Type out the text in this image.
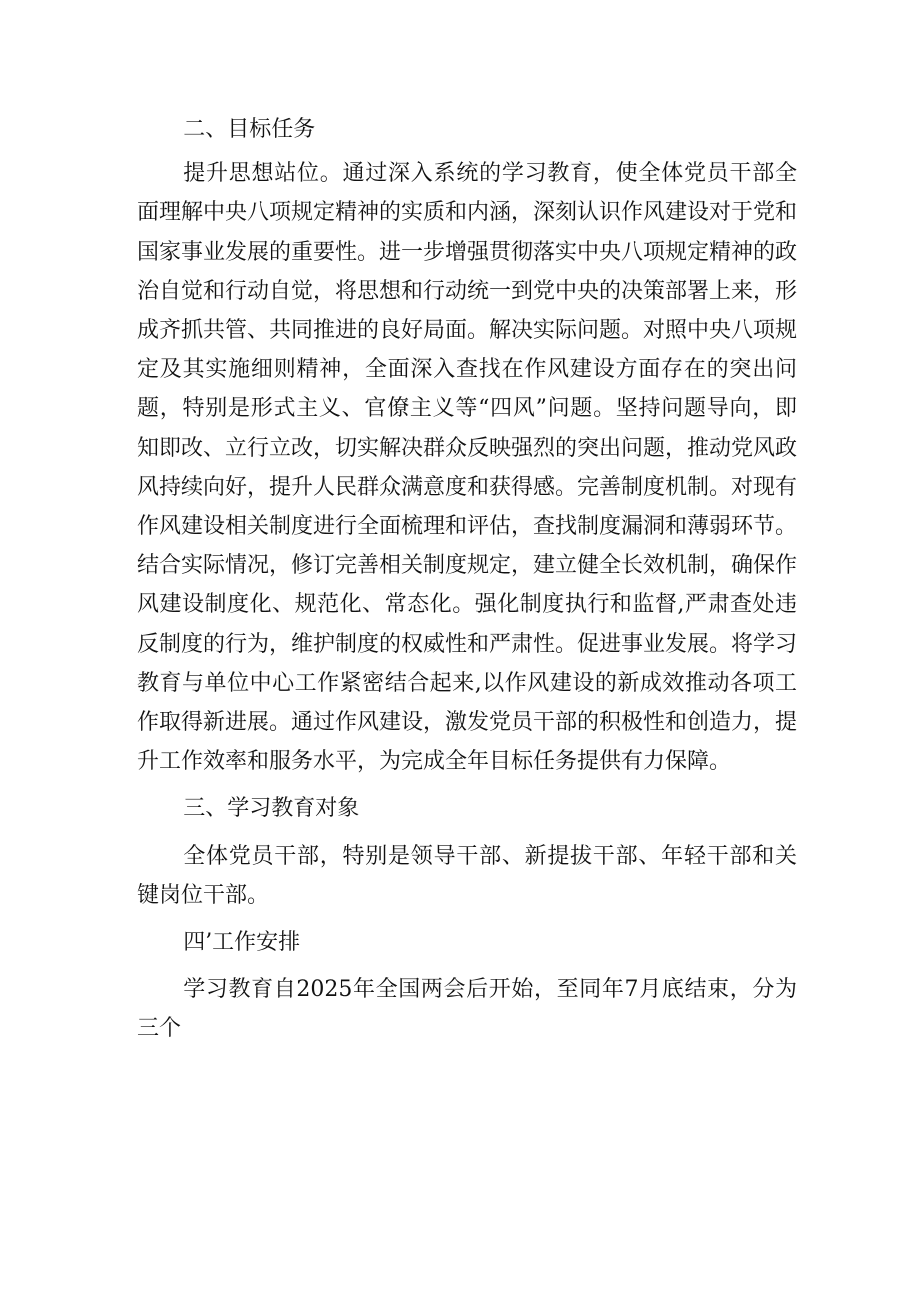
二、目标任务

提升思想站位。通过深入系统的学习教育，使全体党员干部全面理解中央八项规定精神的实质和内涵，深刻认识作风建设对于党和国家事业发展的重要性。进一步增强贯彻落实中央八项规定精神的政治自觉和行动自觉，将思想和行动统一到党中央的决策部署上来，形成齐抓共管、共同推进的良好局面。解决实际问题。对照中央八项规定及其实施细则精神，全面深入查找在作风建设方面存在的突出问题，特别是形式主义、官僚主义等“四风”问题。坚持问题导向，即知即改、立行立改，切实解决群众反映强烈的突出问题，推动党风政风持续向好，提升人民群众满意度和获得感。完善制度机制。对现有作风建设相关制度进行全面梳理和评估，查找制度漏洞和薄弱环节。结合实际情况，修订完善相关制度规定，建立健全长效机制，确保作风建设制度化、规范化、常态化。强化制度执行和监督,严肃查处违反制度的行为，维护制度的权威性和严肃性。促进事业发展。将学习教育与单位中心工作紧密结合起来,以作风建设的新成效推动各项工作取得新进展。通过作风建设，激发党员干部的积极性和创造力，提升工作效率和服务水平，为完成全年目标任务提供有力保障。

三、学习教育对象

全体党员干部，特别是领导干部、新提拔干部、年轻干部和关键岗位干部。

四’工作安排

学习教育自2025年全国两会后开始，至同年7月底结束，分为三个
